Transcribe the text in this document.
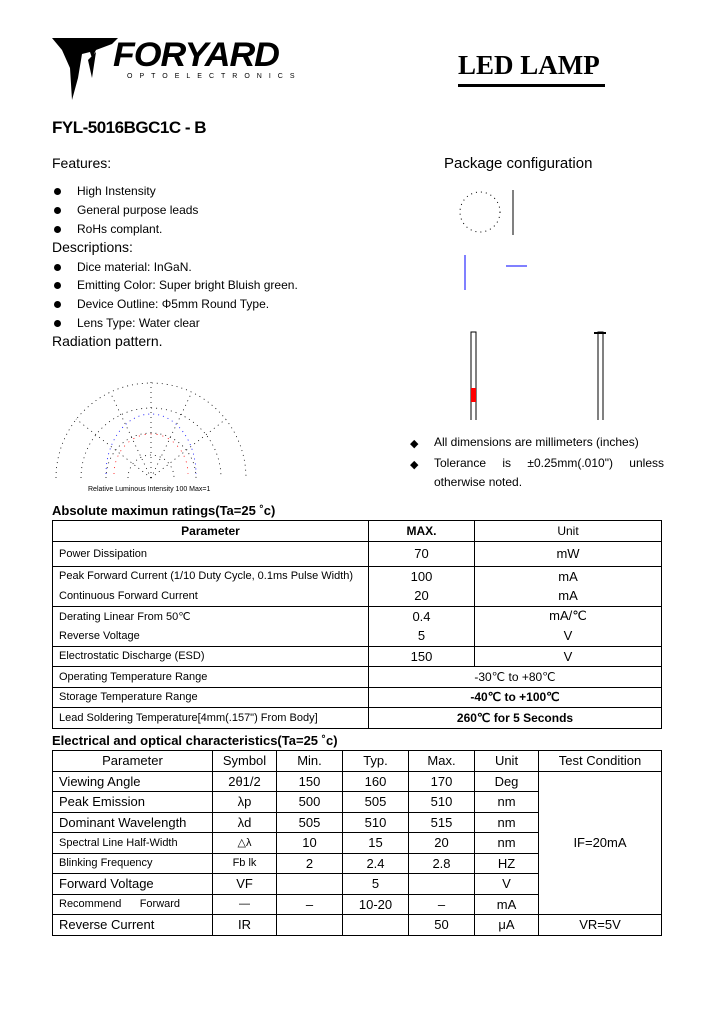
FORYARD
OPTOELECTRONICS	LED LAMP
FYL-5016BGC1C - B
Features:
High Instensity
General purpose leads
RoHs complant.
Descriptions:
Dice material: InGaN.
Emitting Color: Super bright Bluish green.
Device Outline: Φ5mm Round Type.
Lens Type: Water clear
Radiation pattern.
Relative Luminous Intensity 100 Max=1
Package configuration
◆ All dimensions are millimeters (inches)
◆ Tolerance is ±0.25mm(.010") unless otherwise noted.
Absolute maximun ratings(Ta=25 ˚c)
Parameter	MAX.	Unit
Power Dissipation	70	mW
Peak Forward Current (1/10 Duty Cycle, 0.1ms Pulse Width)	100	mA
Continuous Forward Current	20	mA
Derating Linear From 50℃	0.4	mA/℃
Reverse Voltage	5	V
Electrostatic Discharge (ESD)	150	V
Operating Temperature Range	-30℃ to +80℃	
Storage Temperature Range	-40℃ to +100℃	
Lead Soldering Temperature[4mm(.157") From Body]	260℃ for 5 Seconds	
Electrical and optical characteristics(Ta=25 ˚c)
Parameter	Symbol	Min.	Typ.	Max.	Unit	Test Condition
Viewing Angle	2θ1/2	150	160	170	Deg	IF=20mA
Peak Emission	λp	500	505	510	nm	
Dominant Wavelength	λd	505	510	515	nm	
Spectral Line Half-Width	△λ	10	15	20	nm	
Blinking Frequency	Fb lk	2	2.4	2.8	HZ	
Forward Voltage	VF		5		V	
Recommend      Forward	—	–	10-20	–	mA	
Reverse Current	IR			50	μA	VR=5V
